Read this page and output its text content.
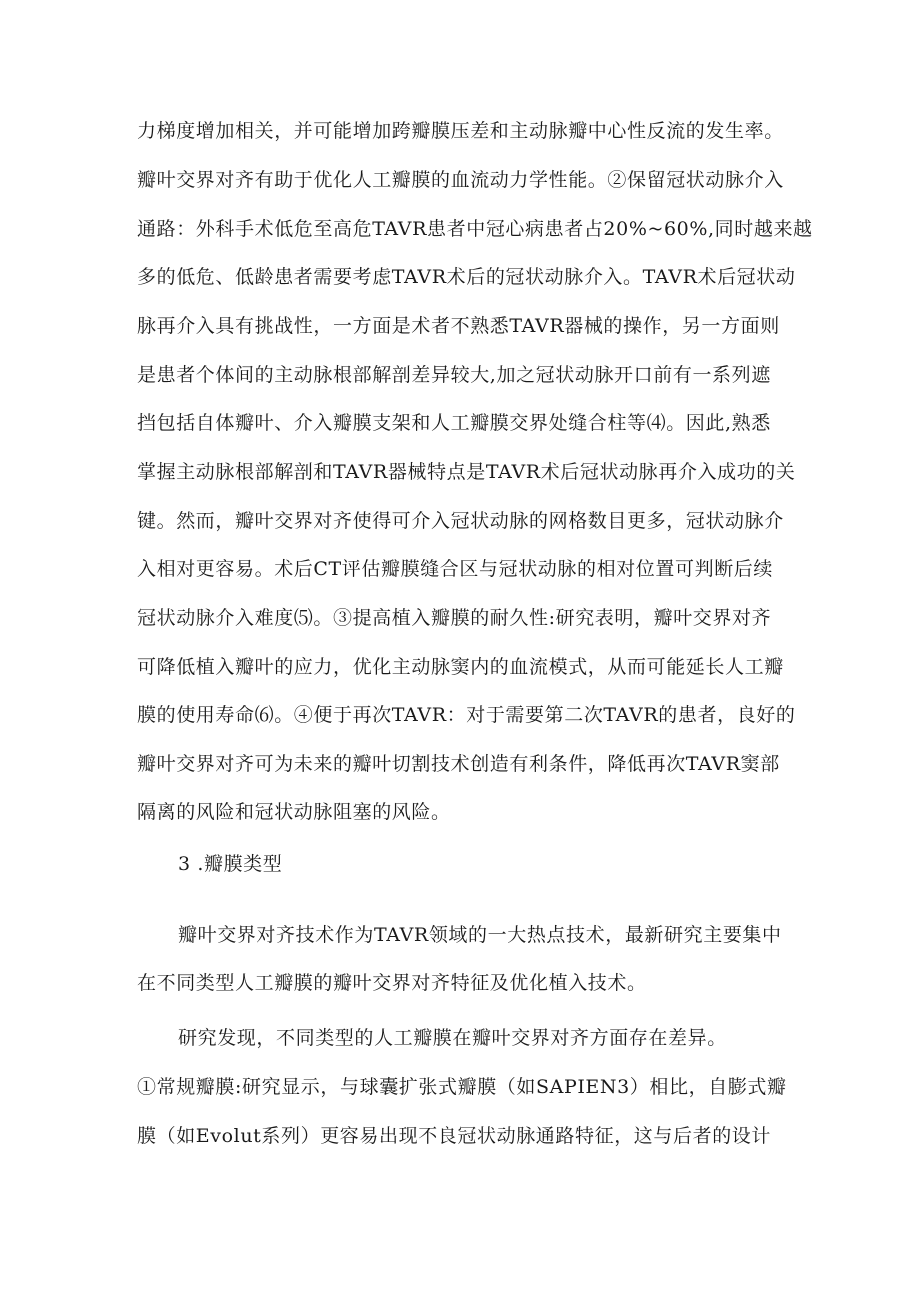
力梯度增加相关，并可能增加跨瓣膜压差和主动脉瓣中心性反流的发生率。
瓣叶交界对齐有助于优化人工瓣膜的血流动力学性能。②保留冠状动脉介入
通路：外科手术低危至高危TAVR患者中冠心病患者占20%~60%,同时越来越
多的低危、低龄患者需要考虑TAVR术后的冠状动脉介入。TAVR术后冠状动
脉再介入具有挑战性，一方面是术者不熟悉TAVR器械的操作，另一方面则
是患者个体间的主动脉根部解剖差异较大,加之冠状动脉开口前有一系列遮
挡包括自体瓣叶、介入瓣膜支架和人工瓣膜交界处缝合柱等⑷。因此,熟悉
掌握主动脉根部解剖和TAVR器械特点是TAVR术后冠状动脉再介入成功的关
键。然而，瓣叶交界对齐使得可介入冠状动脉的网格数目更多，冠状动脉介
入相对更容易。术后CT评估瓣膜缝合区与冠状动脉的相对位置可判断后续
冠状动脉介入难度⑸。③提高植入瓣膜的耐久性:研究表明，瓣叶交界对齐
可降低植入瓣叶的应力，优化主动脉窦内的血流模式，从而可能延长人工瓣
膜的使用寿命⑹。④便于再次TAVR：对于需要第二次TAVR的患者，良好的
瓣叶交界对齐可为未来的瓣叶切割技术创造有利条件，降低再次TAVR窦部
隔离的风险和冠状动脉阻塞的风险。
3 .瓣膜类型
瓣叶交界对齐技术作为TAVR领域的一大热点技术，最新研究主要集中
在不同类型人工瓣膜的瓣叶交界对齐特征及优化植入技术。
研究发现，不同类型的人工瓣膜在瓣叶交界对齐方面存在差异。
①常规瓣膜:研究显示，与球囊扩张式瓣膜（如SAPIEN3）相比，自膨式瓣
膜（如Evolut系列）更容易出现不良冠状动脉通路特征，这与后者的设计
